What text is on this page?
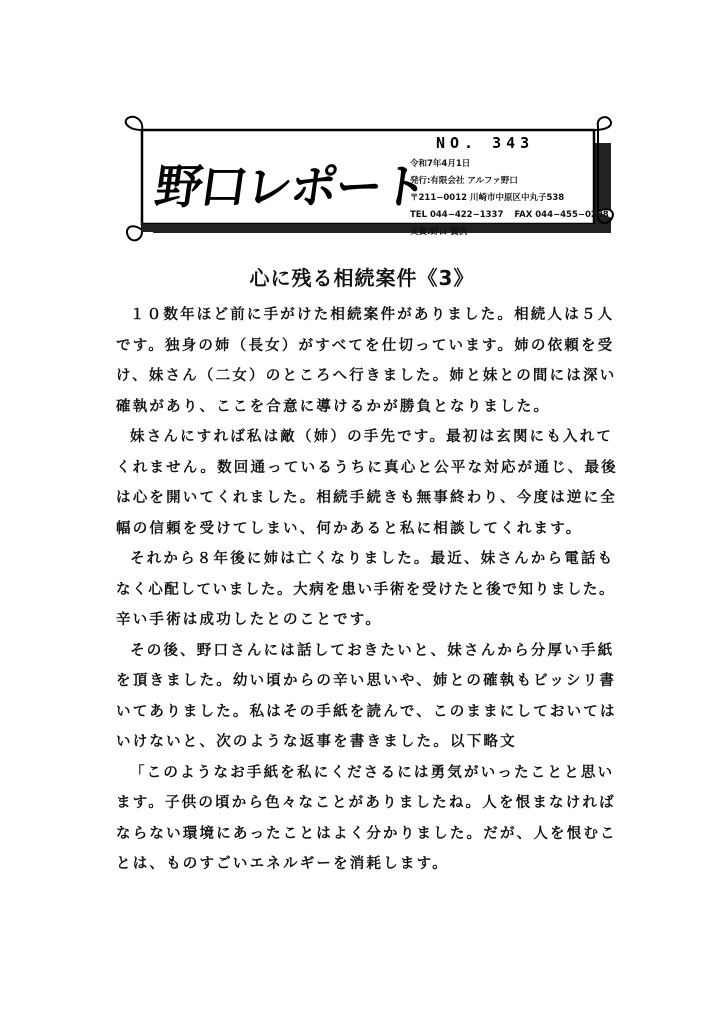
野口レポート
NO. 343
令和7年4月1日
発行:有限会社 アルファ野口
〒211−0012 川崎市中原区中丸子538
TEL 044−422−1337 FAX 044−455−0208
文責:野口 賢次
心に残る相続案件《3》
１０数年ほど前に手がけた相続案件がありました。相続人は５人
です。独身の姉（長女）がすべてを仕切っています。姉の依頼を受
け、妹さん（二女）のところへ行きました。姉と妹との間には深い
確執があり、ここを合意に導けるかが勝負となりました。
妹さんにすれば私は敵（姉）の手先です。最初は玄関にも入れて
くれません。数回通っているうちに真心と公平な対応が通じ、最後
は心を開いてくれました。相続手続きも無事終わり、今度は逆に全
幅の信頼を受けてしまい、何かあると私に相談してくれます。
それから８年後に姉は亡くなりました。最近、妹さんから電話も
なく心配していました。大病を患い手術を受けたと後で知りました。
辛い手術は成功したとのことです。
その後、野口さんには話しておきたいと、妹さんから分厚い手紙
を頂きました。幼い頃からの辛い思いや、姉との確執もビッシリ書
いてありました。私はその手紙を読んで、このままにしておいては
いけないと、次のような返事を書きました。以下略文
「このようなお手紙を私にくださるには勇気がいったことと思い
ます。子供の頃から色々なことがありましたね。人を恨まなければ
ならない環境にあったことはよく分かりました。だが、人を恨むこ
とは、ものすごいエネルギーを消耗します。
